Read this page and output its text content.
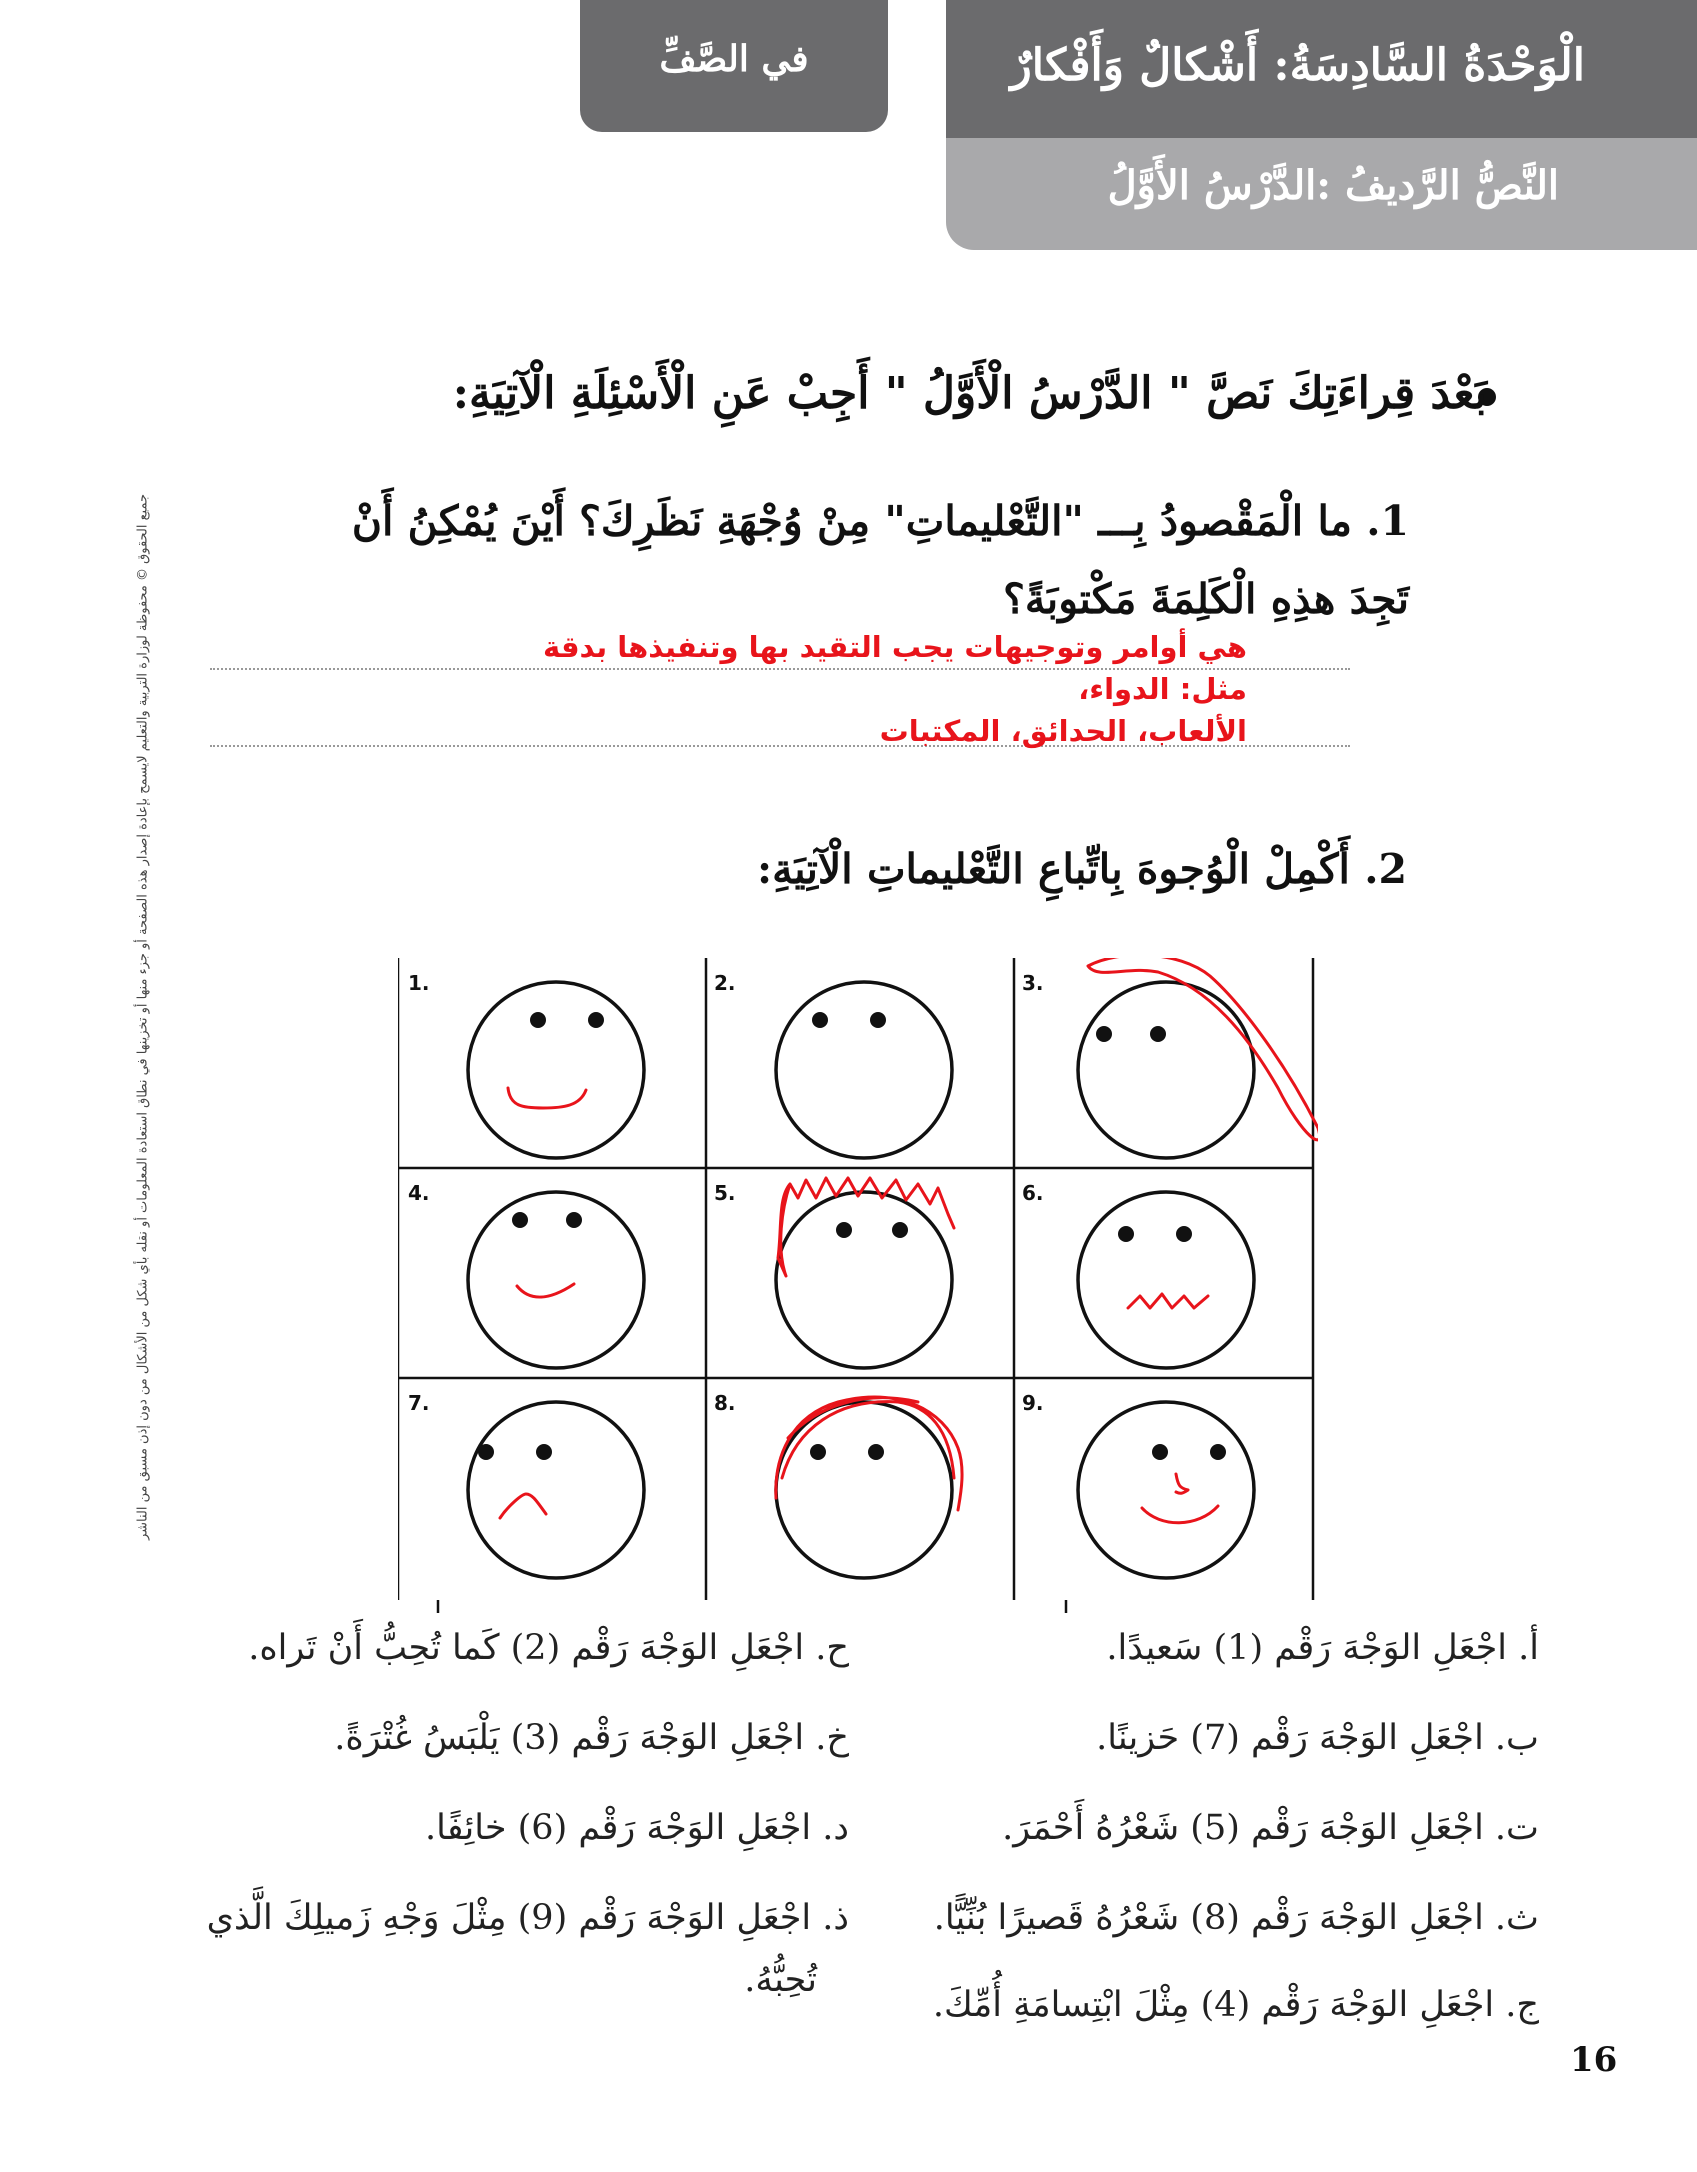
الْوَحْدَةُ السَّادِسَةُ: أَشْكالٌ وَأَفْكارٌ
النَّصُّ الرَّديفُ :الدَّرْسُ الأَوَّلُ
في الصَّفِّ
جميع الحقوق © محفوظة لوزارة التربية والتعليم لايسمح بإعادة إصدار هذه الصفحة أو جزء منها أو تخزينها في نطاق استعادة المعلومات أو نقله بأي شكل من الأشكال من دون إذن مسبق من الناشر
بَعْدَ قِراءَتِكَ نَصَّ " الدَّرْسُ الْأَوَّلُ " أَجِبْ عَنِ الْأَسْئِلَةِ الْآتِيَةِ:
1. ما الْمَقْصودُ بِـــ "التَّعْليماتِ" مِنْ وُجْهَةِ نَظَرِكَ؟ أَيْنَ يُمْكِنُ أَنْ تَجِدَ هذِهِ الْكَلِمَةَ مَكْتوبَةً؟
هي أوامر وتوجيهات يجب التقيد بها وتنفيذها بدقة مثل: الدواء،
الألعاب، الحدائق، المكتبات
2. أَكْمِلْ الْوُجوهَ بِاتِّباعِ التَّعْليماتِ الْآتِيَةِ:
1.	2.	3.
4.	5.	6.
7.	8.	9.
أ. اجْعَلِ الوَجْهَ رَقْم (1) سَعيدًا.
ب. اجْعَلِ الوَجْهَ رَقْم (7) حَزينًا.
ت. اجْعَلِ الوَجْهَ رَقْم (5) شَعْرُهُ أَحْمَرَ.
ث. اجْعَلِ الوَجْهَ رَقْم (8) شَعْرُهُ قَصيرًا بُنِّيًّا.
ج. اجْعَلِ الوَجْهَ رَقْم (4) مِثْلَ ابْتِسامَةِ أُمِّكَ.
ح. اجْعَلِ الوَجْهَ رَقْم (2) كَما تُحِبُّ أَنْ تَراه.
خ. اجْعَلِ الوَجْهَ رَقْم (3) يَلْبَسُ غُتْرَةً.
د. اجْعَلِ الوَجْهَ رَقْم (6) خائِفًا.
ذ. اجْعَلِ الوَجْهَ رَقْم (9) مِثْلَ وَجْهِ زَميلِكَ الَّذي
تُحِبُّهُ.
16
